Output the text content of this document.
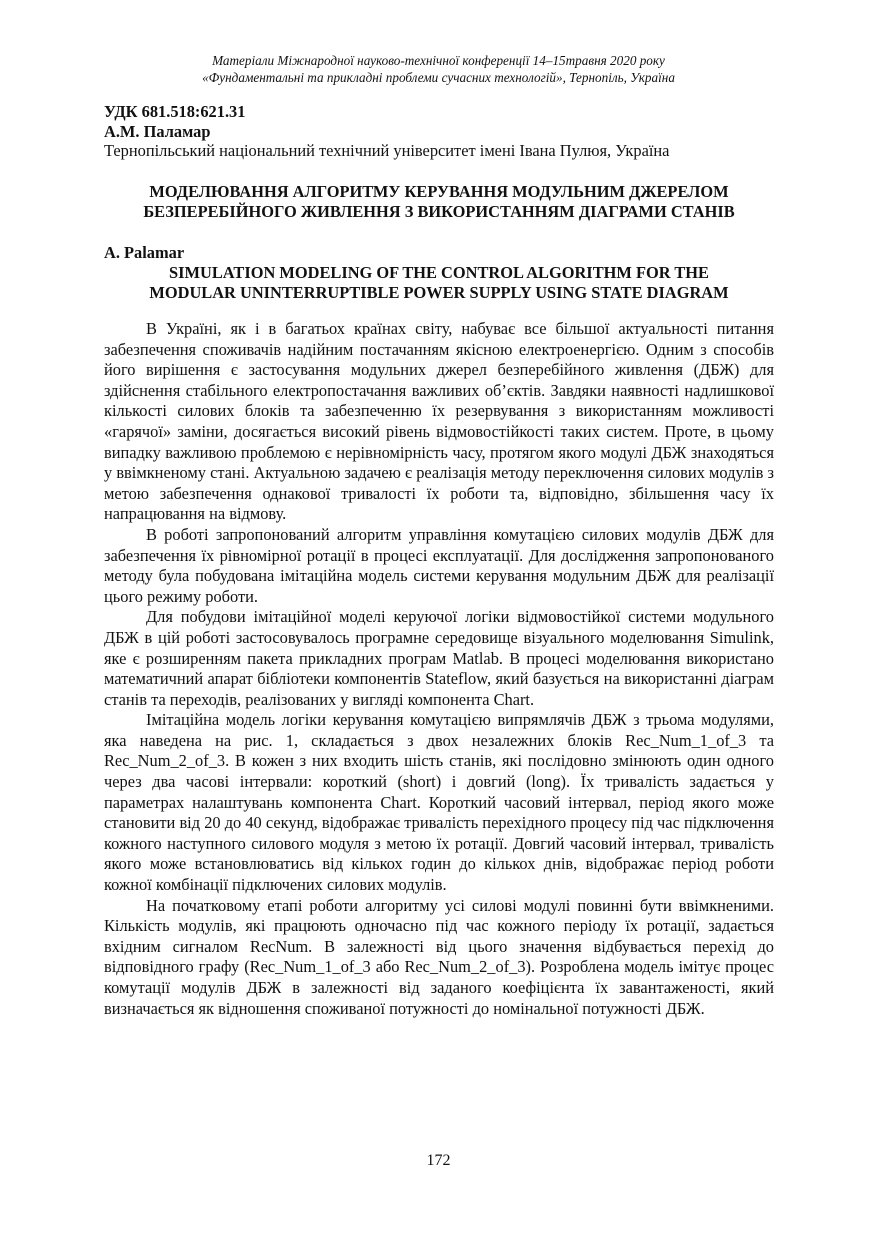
Матеріали Міжнародної науково-технічної конференції 14–15травня 2020 року
«Фундаментальні та прикладні проблеми сучасних технологій», Тернопіль, Україна
УДК 681.518:621.31
А.М. Паламар
Тернопільський національний технічний університет імені Івана Пулюя, Україна
МОДЕЛЮВАННЯ АЛГОРИТМУ КЕРУВАННЯ МОДУЛЬНИМ ДЖЕРЕЛОМ
БЕЗПЕРЕБІЙНОГО ЖИВЛЕННЯ З ВИКОРИСТАННЯМ ДІАГРАМИ СТАНІВ
A. Palamar
SIMULATION MODELING OF THE CONTROL ALGORITHM FOR THE
MODULAR UNINTERRUPTIBLE POWER SUPPLY USING STATE DIAGRAM

В Україні, як і в багатьох країнах світу, набуває все більшої актуальності питання забезпечення споживачів надійним постачанням якісною електроенергією. Одним з способів його вирішення є застосування модульних джерел безперебійного живлення (ДБЖ) для здійснення стабільного електропостачання важливих об’єктів. Завдяки наявності надлишкової кількості силових блоків та забезпеченню їх резервування з використанням можливості «гарячої» заміни, досягається високий рівень відмовостійкості таких систем. Проте, в цьому випадку важливою проблемою є нерівномірність часу, протягом якого модулі ДБЖ знаходяться у ввімкненому стані. Актуальною задачею є реалізація методу переключення силових модулів з метою забезпечення однакової тривалості їх роботи та, відповідно, збільшення часу їх напрацювання на відмову.

В роботі запропонований алгоритм управління комутацією силових модулів ДБЖ для забезпечення їх рівномірної ротації в процесі експлуатації. Для дослідження запропонованого методу була побудована імітаційна модель системи керування модульним ДБЖ для реалізації цього режиму роботи.

Для побудови імітаційної моделі керуючої логіки відмовостійкої системи модульного ДБЖ в цій роботі застосовувалось програмне середовище візуального моделювання Simulink, яке є розширенням пакета прикладних програм Matlab. В процесі моделювання використано математичний апарат бібліотеки компонентів Stateflow, який базується на використанні діаграм станів та переходів, реалізованих у вигляді компонента Chart.

Імітаційна модель логіки керування комутацією випрямлячів ДБЖ з трьома модулями, яка наведена на рис. 1, складається з двох незалежних блоків Rec_Num_1_of_3 та Rec_Num_2_of_3. В кожен з них входить шість станів, які послідовно змінюють один одного через два часові інтервали: короткий (short) і довгий (long). Їх тривалість задається у параметрах налаштувань компонента Chart. Короткий часовий інтервал, період якого може становити від 20 до 40 секунд, відображає тривалість перехідного процесу під час підключення кожного наступного силового модуля з метою їх ротації. Довгий часовий інтервал, тривалість якого може встановлюватись від кількох годин до кількох днів, відображає період роботи кожної комбінації підключених силових модулів.

На початковому етапі роботи алгоритму усі силові модулі повинні бути ввімкненими. Кількість модулів, які працюють одночасно під час кожного періоду їх ротації, задається вхідним сигналом RecNum. В залежності від цього значення відбувається перехід до відповідного графу (Rec_Num_1_of_3 або Rec_Num_2_of_3). Розроблена модель імітує процес комутації модулів ДБЖ в залежності від заданого коефіцієнта їх завантаженості, який визначається як відношення споживаної потужності до номінальної потужності ДБЖ.

172
